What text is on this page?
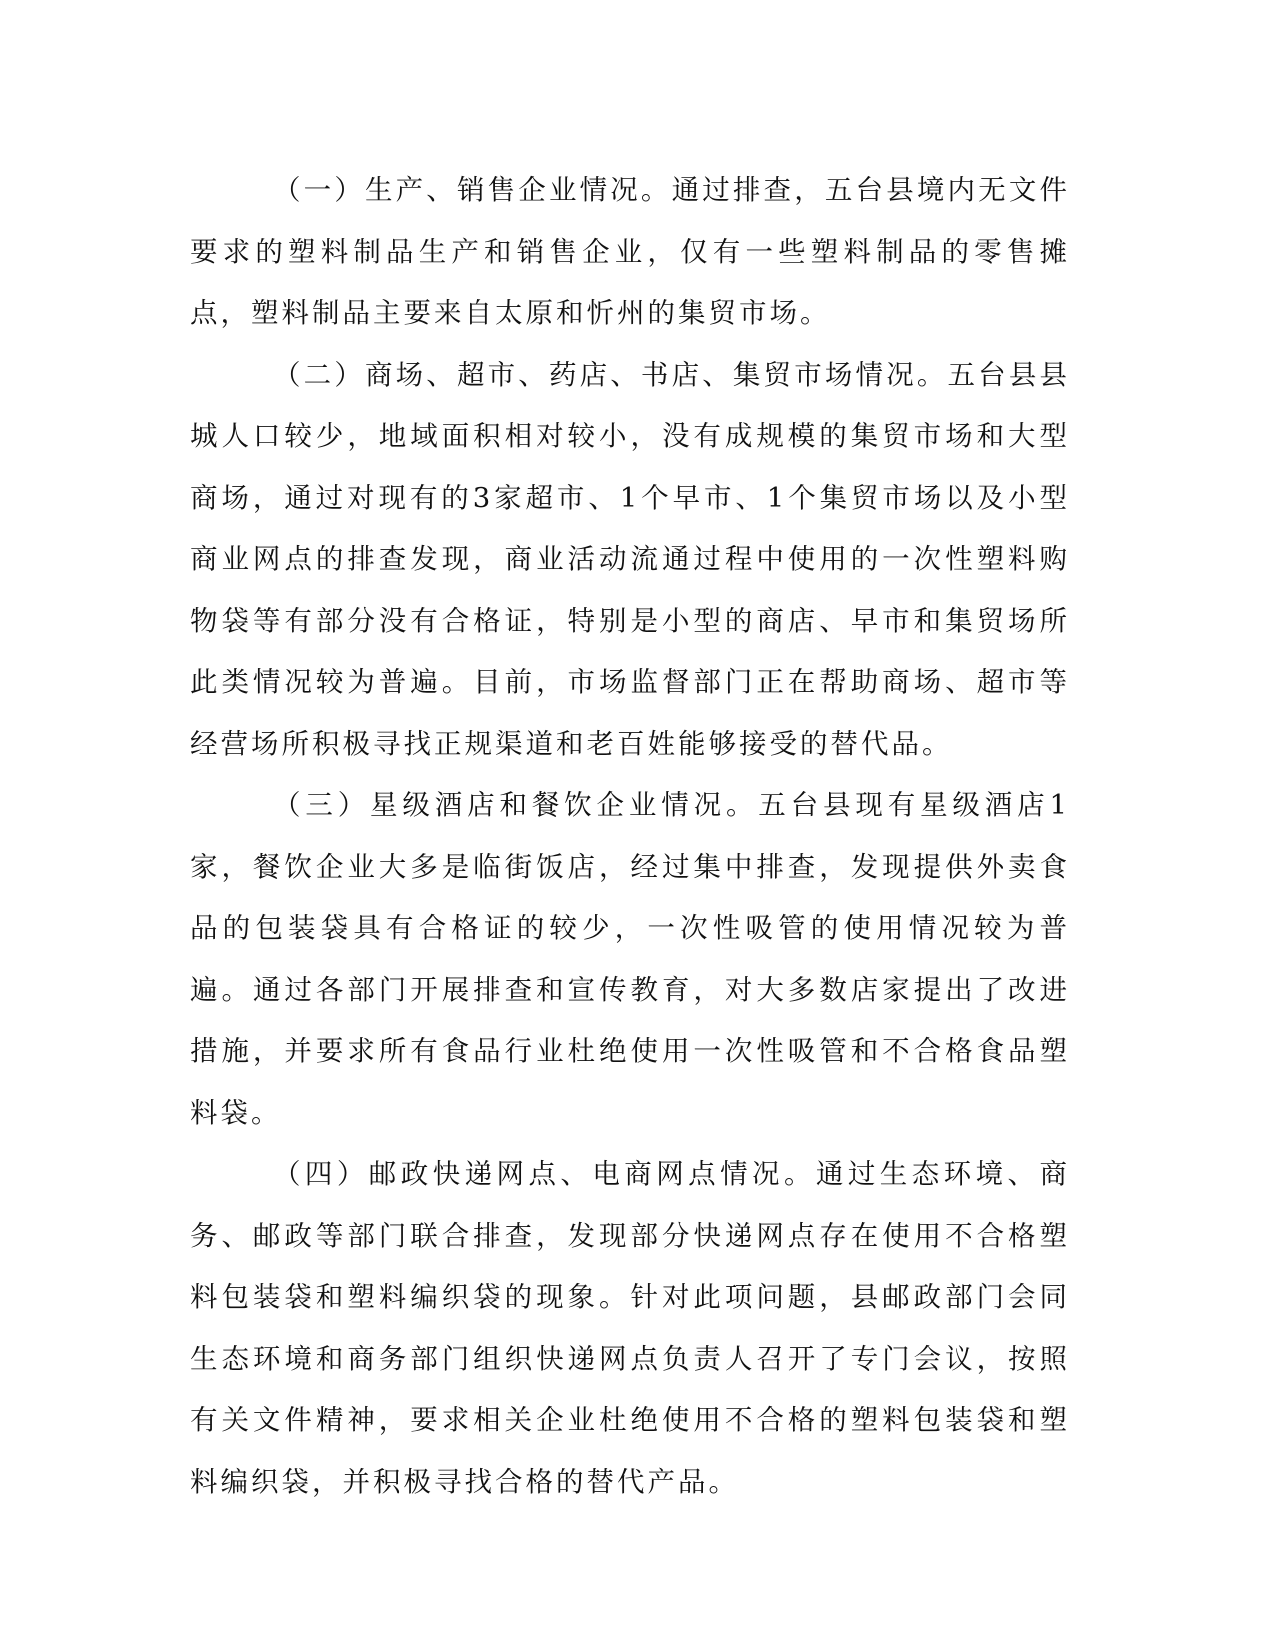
（一）生产、销售企业情况。通过排查，五台县境内无文件要求的塑料制品生产和销售企业，仅有一些塑料制品的零售摊点，塑料制品主要来自太原和忻州的集贸市场。

（二）商场、超市、药店、书店、集贸市场情况。五台县县城人口较少，地域面积相对较小，没有成规模的集贸市场和大型商场，通过对现有的3家超市、1个早市、1个集贸市场以及小型商业网点的排查发现，商业活动流通过程中使用的一次性塑料购物袋等有部分没有合格证，特别是小型的商店、早市和集贸场所此类情况较为普遍。目前，市场监督部门正在帮助商场、超市等经营场所积极寻找正规渠道和老百姓能够接受的替代品。

（三）星级酒店和餐饮企业情况。五台县现有星级酒店1家，餐饮企业大多是临街饭店，经过集中排查，发现提供外卖食品的包装袋具有合格证的较少，一次性吸管的使用情况较为普遍。通过各部门开展排查和宣传教育，对大多数店家提出了改进措施，并要求所有食品行业杜绝使用一次性吸管和不合格食品塑料袋。

（四）邮政快递网点、电商网点情况。通过生态环境、商务、邮政等部门联合排查，发现部分快递网点存在使用不合格塑料包装袋和塑料编织袋的现象。针对此项问题，县邮政部门会同生态环境和商务部门组织快递网点负责人召开了专门会议，按照有关文件精神，要求相关企业杜绝使用不合格的塑料包装袋和塑料编织袋，并积极寻找合格的替代产品。
